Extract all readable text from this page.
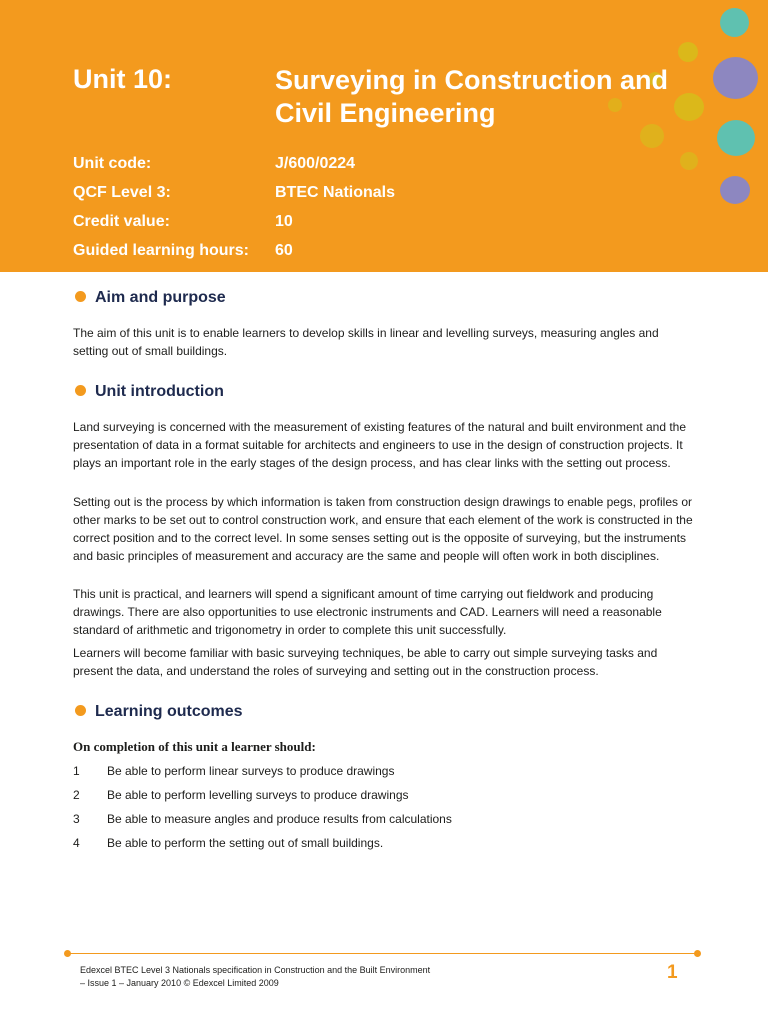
Unit 10:	Surveying in Construction and Civil Engineering
Unit code:	J/600/0224
QCF Level 3:	BTEC Nationals
Credit value:	10
Guided learning hours: 60
Aim and purpose
The aim of this unit is to enable learners to develop skills in linear and levelling surveys, measuring angles and setting out of small buildings.
Unit introduction
Land surveying is concerned with the measurement of existing features of the natural and built environment and the presentation of data in a format suitable for architects and engineers to use in the design of construction projects. It plays an important role in the early stages of the design process, and has clear links with the setting out process.
Setting out is the process by which information is taken from construction design drawings to enable pegs, profiles or other marks to be set out to control construction work, and ensure that each element of the work is constructed in the correct position and to the correct level. In some senses setting out is the opposite of surveying, but the instruments and basic principles of measurement and accuracy are the same and people will often work in both disciplines.
This unit is practical, and learners will spend a significant amount of time carrying out fieldwork and producing drawings. There are also opportunities to use electronic instruments and CAD. Learners will need a reasonable standard of arithmetic and trigonometry in order to complete this unit successfully.
Learners will become familiar with basic surveying techniques, be able to carry out simple surveying tasks and present the data, and understand the roles of surveying and setting out in the construction process.
Learning outcomes
On completion of this unit a learner should:
1 Be able to perform linear surveys to produce drawings
2 Be able to perform levelling surveys to produce drawings
3 Be able to measure angles and produce results from calculations
4 Be able to perform the setting out of small buildings.
Edexcel BTEC Level 3 Nationals specification in Construction and the Built Environment
– Issue 1 – January 2010 © Edexcel Limited 2009	1
